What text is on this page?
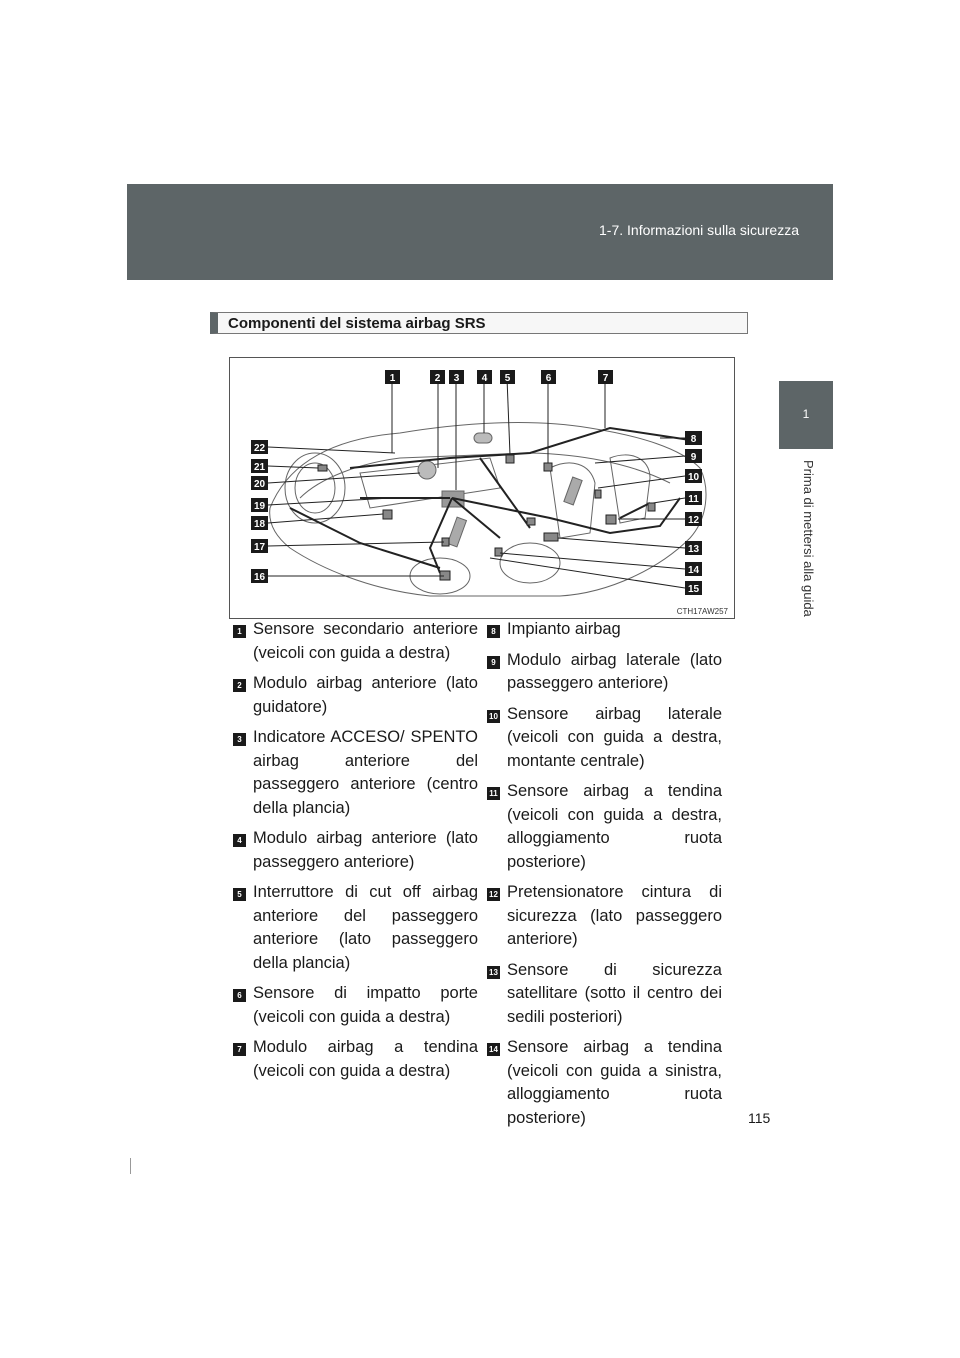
1-7. Informazioni sulla sicurezza
1
Prima di mettersi alla guida
Componenti del sistema airbag SRS
1	2 3 4 5	6	7
8
9
10
11
12
13
14
15
16
17
18
19
20
21
22
CTH17AW257
1 Sensore secondario anteriore (veicoli con guida a destra)
2 Modulo airbag anteriore (lato guidatore)
3 Indicatore ACCESO/ SPENTO airbag anteriore del passeggero anteriore (centro della plancia)
4 Modulo airbag anteriore (lato passeggero anteriore)
5 Interruttore di cut off airbag anteriore del passeggero anteriore (lato passeggero della plancia)
6 Sensore di impatto porte (veicoli con guida a destra)
7 Modulo airbag a tendina (veicoli con guida a destra)
8 Impianto airbag
9 Modulo airbag laterale (lato passeggero anteriore)
10 Sensore airbag laterale (veicoli con guida a destra, montante centrale)
11 Sensore airbag a tendina (veicoli con guida a destra, alloggiamento ruota posteriore)
12 Pretensionatore cintura di sicurezza (lato passeggero anteriore)
13 Sensore di sicurezza satellitare (sotto il centro dei sedili posteriori)
14 Sensore airbag a tendina (veicoli con guida a sinistra, alloggiamento ruota posteriore)	115
